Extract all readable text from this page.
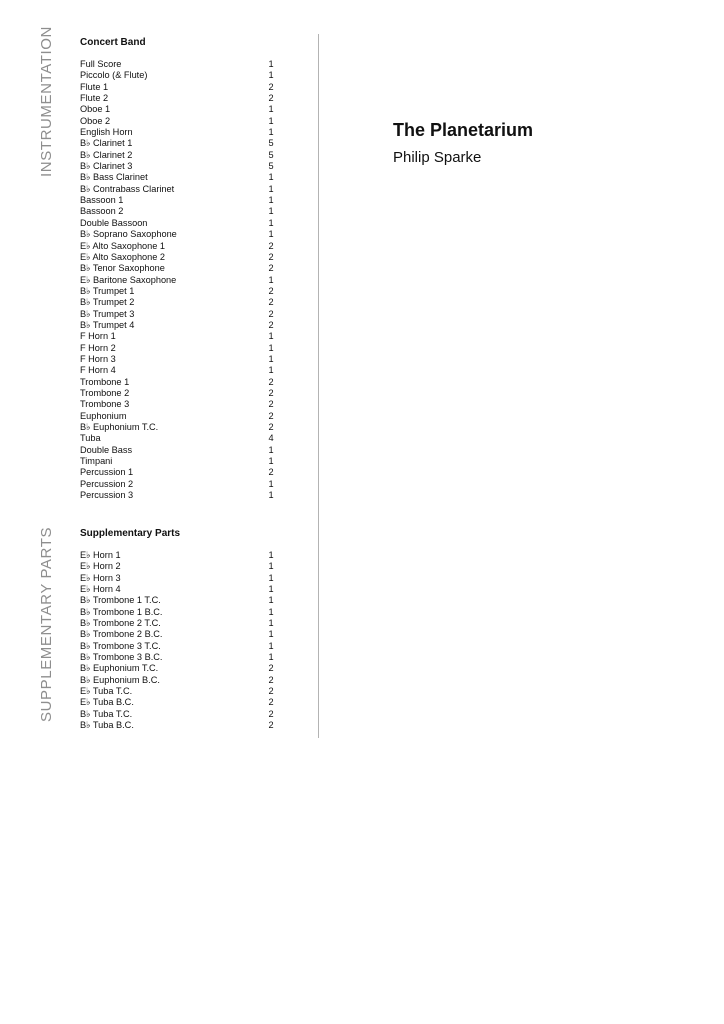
INSTRUMENTATION
SUPPLEMENTARY PARTS
Concert Band
Full Score	1
Piccolo (& Flute)	1
Flute 1	2
Flute 2	2
Oboe 1	1
Oboe 2	1
English Horn	1
B♭ Clarinet 1	5
B♭ Clarinet 2	5
B♭ Clarinet 3	5
B♭ Bass Clarinet	1
B♭ Contrabass Clarinet	1
Bassoon 1	1
Bassoon 2	1
Double Bassoon	1
B♭ Soprano Saxophone	1
E♭ Alto Saxophone 1	2
E♭ Alto Saxophone 2	2
B♭ Tenor Saxophone	2
E♭ Baritone Saxophone	1
B♭ Trumpet 1	2
B♭ Trumpet 2	2
B♭ Trumpet 3	2
B♭ Trumpet 4	2
F Horn 1	1
F Horn 2	1
F Horn 3	1
F Horn 4	1
Trombone 1	2
Trombone 2	2
Trombone 3	2
Euphonium	2
B♭ Euphonium T.C.	2
Tuba	4
Double Bass	1
Timpani	1
Percussion 1	2
Percussion 2	1
Percussion 3	1
Supplementary Parts
E♭ Horn 1	1
E♭ Horn 2	1
E♭ Horn 3	1
E♭ Horn 4	1
B♭ Trombone 1 T.C.	1
B♭ Trombone 1 B.C.	1
B♭ Trombone 2 T.C.	1
B♭ Trombone 2 B.C.	1
B♭ Trombone 3 T.C.	1
B♭ Trombone 3 B.C.	1
B♭ Euphonium T.C.	2
B♭ Euphonium B.C.	2
E♭ Tuba T.C.	2
E♭ Tuba B.C.	2
B♭ Tuba T.C.	2
B♭ Tuba B.C.	2
The Planetarium
Philip Sparke
